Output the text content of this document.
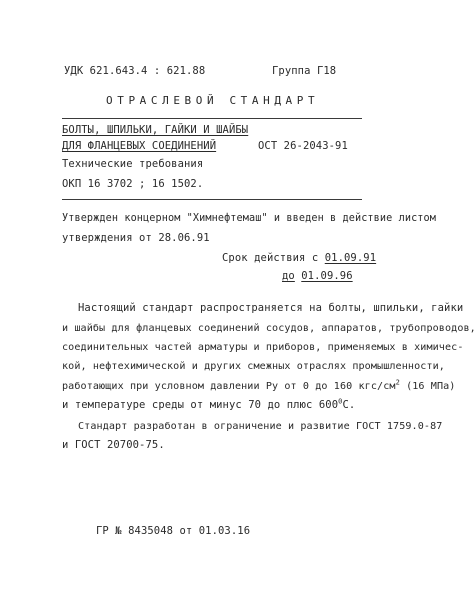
УДК 621.643.4 : 621.88	Группа Г18
ОТРАСЛЕВОЙ СТАНДАРТ
БОЛТЫ, ШПИЛЬКИ, ГАЙКИ И ШАЙБЫ
ДЛЯ ФЛАНЦЕВЫХ СОЕДИНЕНИЙ	ОСТ 26-2043-91
Технические требования
ОКП 16 3702 ; 16 1502.
Утвержден концерном "Химнефтемаш" и введен в действие листом
утверждения от 28.06.91
Срок действия с 01.09.91
до 01.09.96
Настоящий стандарт распространяется на болты, шпильки, гайки
и шайбы для фланцевых соединений сосудов, аппаратов, трубопроводов,
соединительных частей арматуры и приборов, применяемых в химичес-
кой, нефтехимической и других смежных отраслях промышленности,
работающих при условном давлении Ру от 0 до 160 кгс/$см^2$ (16 МПа)
и температуре среды от минус 70 до плюс $600^0С$.
Стандарт разработан в ограничение и развитие ГОСТ 1759.0-87
и ГОСТ 20700-75.
ГР № 8435048 от 01.03.16
